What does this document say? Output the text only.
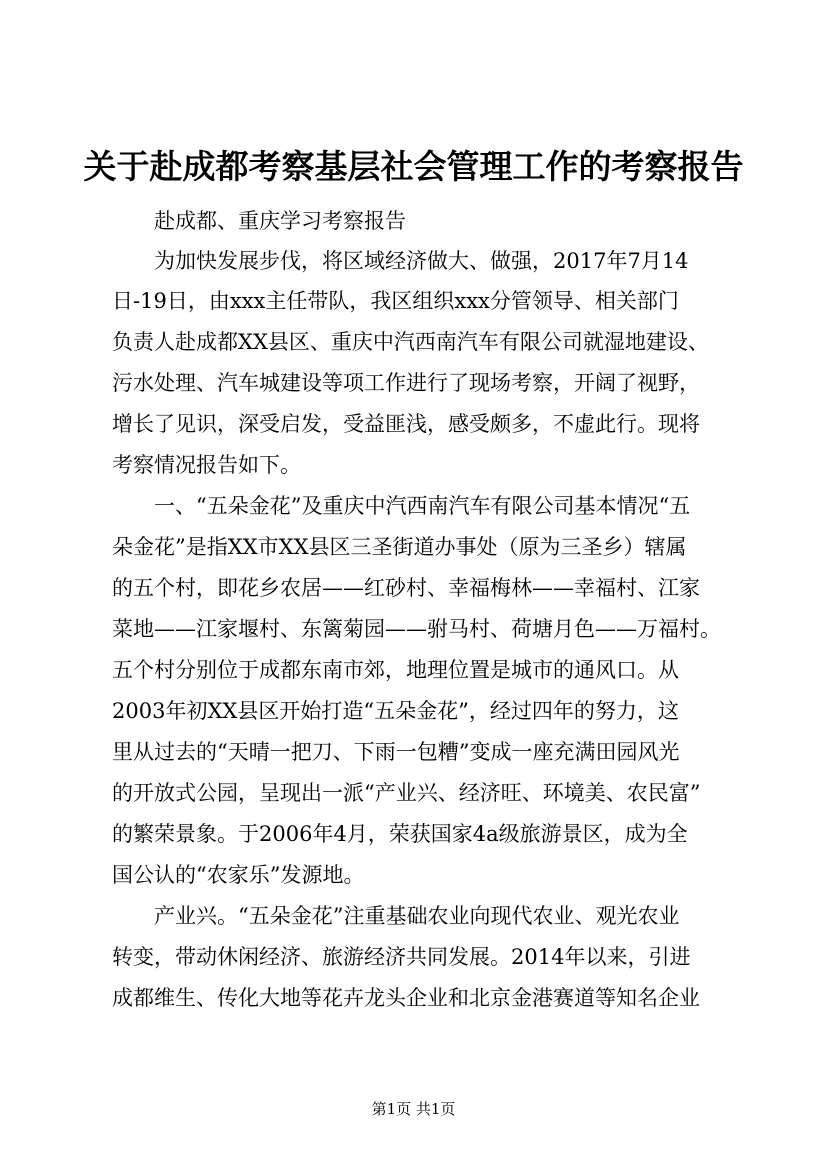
关于赴成都考察基层社会管理工作的考察报告
　　赴成都、重庆学习考察报告
　　为加快发展步伐，将区域经济做大、做强，2017年7月14
日-19日，由xxx主任带队，我区组织xxx分管领导、相关部门
负责人赴成都XX县区、重庆中汽西南汽车有限公司就湿地建设、
污水处理、汽车城建设等项工作进行了现场考察，开阔了视野，
增长了见识，深受启发，受益匪浅，感受颇多，不虚此行。现将
考察情况报告如下。
　　一、“五朵金花”及重庆中汽西南汽车有限公司基本情况“五
朵金花”是指XX市XX县区三圣街道办事处（原为三圣乡）辖属
的五个村，即花乡农居——红砂村、幸福梅林——幸福村、江家
菜地——江家堰村、东篱菊园——驸马村、荷塘月色——万福村。
五个村分别位于成都东南市郊，地理位置是城市的通风口。从
2003年初XX县区开始打造“五朵金花”，经过四年的努力，这
里从过去的“天晴一把刀、下雨一包糟”变成一座充满田园风光
的开放式公园，呈现出一派“产业兴、经济旺、环境美、农民富”
的繁荣景象。于2006年4月，荣获国家4a级旅游景区，成为全
国公认的“农家乐”发源地。
　　产业兴。“五朵金花”注重基础农业向现代农业、观光农业
转变，带动休闲经济、旅游经济共同发展。2014年以来，引进
成都维生、传化大地等花卉龙头企业和北京金港赛道等知名企业
第1页 共1页
